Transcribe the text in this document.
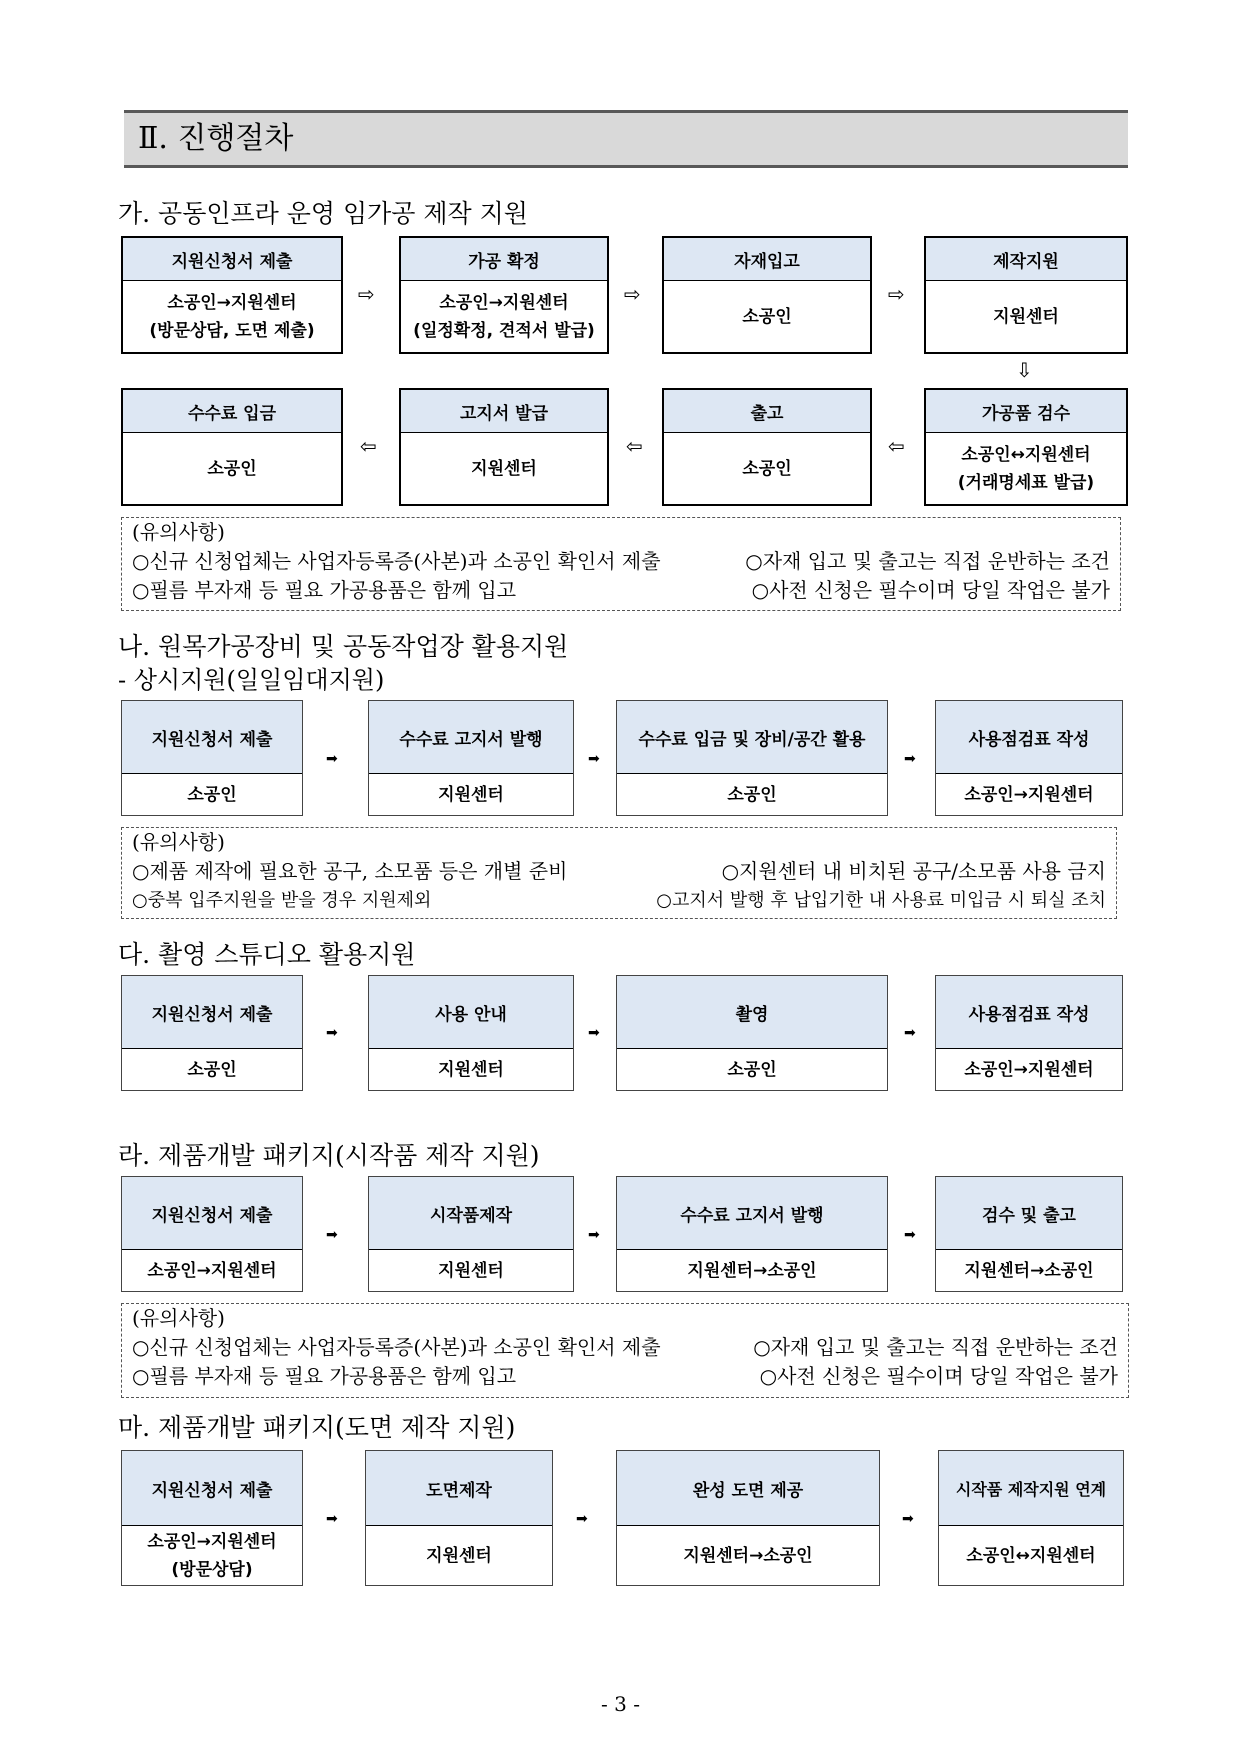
Ⅱ. 진행절차
가. 공동인프라 운영 임가공 제작 지원
지원신청서 제출
소공인→지원센터
(방문상담, 도면 제출)
⇨
가공 확정
소공인→지원센터
(일정확정, 견적서 발급)
⇨
자재입고
소공인
⇨
제작지원
지원센터
⇩
수수료 입금
소공인
⇦
고지서 발급
지원센터
⇦
출고
소공인
⇦
가공품 검수
소공인↔지원센터
(거래명세표 발급)
(유의사항)
○신규 신청업체는 사업자등록증(사본)과 소공인 확인서 제출	○자재 입고 및 출고는 직접 운반하는 조건
○필름 부자재 등 필요 가공용품은 함께 입고	○사전 신청은 필수이며 당일 작업은 불가
나. 원목가공장비 및 공동작업장 활용지원
- 상시지원(일일임대지원)
지원신청서 제출
소공인
➡
수수료 고지서 발행
지원센터
➡
수수료 입금 및 장비/공간 활용
소공인
➡
사용점검표 작성
소공인→지원센터
(유의사항)
○제품 제작에 필요한 공구, 소모품 등은 개별 준비	○지원센터 내 비치된 공구/소모품 사용 금지
○중복 입주지원을 받을 경우 지원제외	○고지서 발행 후 납입기한 내 사용료 미입금 시 퇴실 조치
다. 촬영 스튜디오 활용지원
지원신청서 제출
소공인
➡
사용 안내
지원센터
➡
촬영
소공인
➡
사용점검표 작성
소공인→지원센터
라. 제품개발 패키지(시작품 제작 지원)
지원신청서 제출
소공인→지원센터
➡
시작품제작
지원센터
➡
수수료 고지서 발행
지원센터→소공인
➡
검수 및 출고
지원센터→소공인
(유의사항)
○신규 신청업체는 사업자등록증(사본)과 소공인 확인서 제출	○자재 입고 및 출고는 직접 운반하는 조건
○필름 부자재 등 필요 가공용품은 함께 입고	○사전 신청은 필수이며 당일 작업은 불가
마. 제품개발 패키지(도면 제작 지원)
지원신청서 제출
소공인→지원센터
(방문상담)
➡
도면제작
지원센터
➡
완성 도면 제공
지원센터→소공인
➡
시작품 제작지원 연계
소공인↔지원센터
- 3 -
